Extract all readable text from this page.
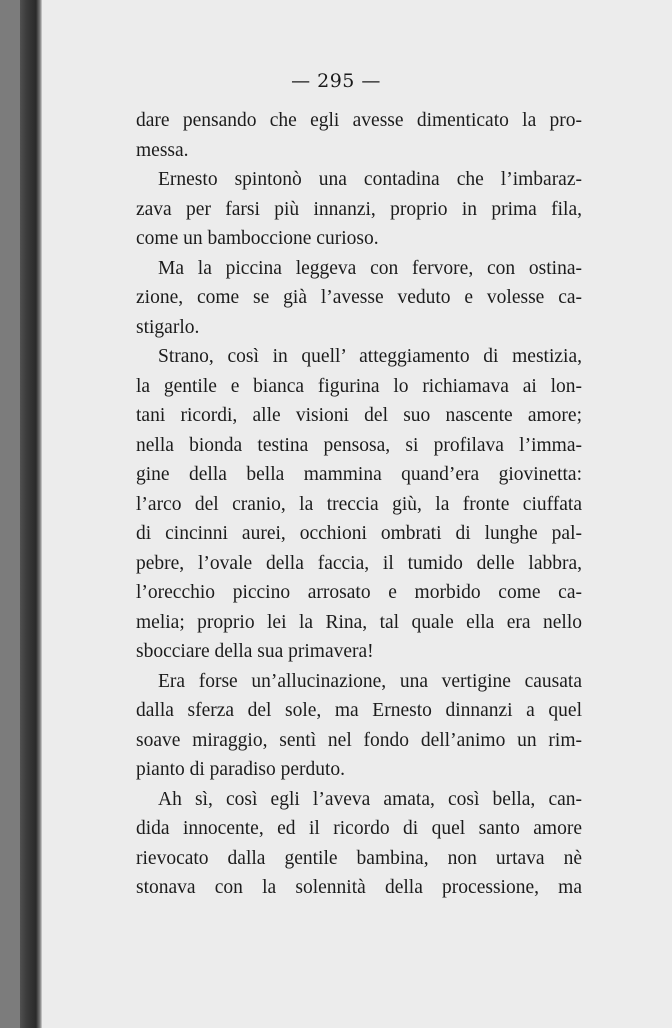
— 295 —
dare pensando che egli avesse dimenticato la pro-
messa.
Ernesto spintonò una contadina che l’imbaraz-
zava per farsi più innanzi, proprio in prima fila,
come un bamboccione curioso.
Ma la piccina leggeva con fervore, con ostina-
zione, come se già l’avesse veduto e volesse ca-
stigarlo.
Strano, così in quell’ atteggiamento di mestizia,
la gentile e bianca figurina lo richiamava ai lon-
tani ricordi, alle visioni del suo nascente amore;
nella bionda testina pensosa, si profilava l’imma-
gine della bella mammina quand’era giovinetta:
l’arco del cranio, la treccia giù, la fronte ciuffata
di cincinni aurei, occhioni ombrati di lunghe pal-
pebre, l’ovale della faccia, il tumido delle labbra,
l’orecchio piccino arrosato e morbido come ca-
melia; proprio lei la Rina, tal quale ella era nello
sbocciare della sua primavera!
Era forse un’allucinazione, una vertigine causata
dalla sferza del sole, ma Ernesto dinnanzi a quel
soave miraggio, sentì nel fondo dell’animo un rim-
pianto di paradiso perduto.
Ah sì, così egli l’aveva amata, così bella, can-
dida innocente, ed il ricordo di quel santo amore
rievocato dalla gentile bambina, non urtava nè
stonava con la solennità della processione, ma
